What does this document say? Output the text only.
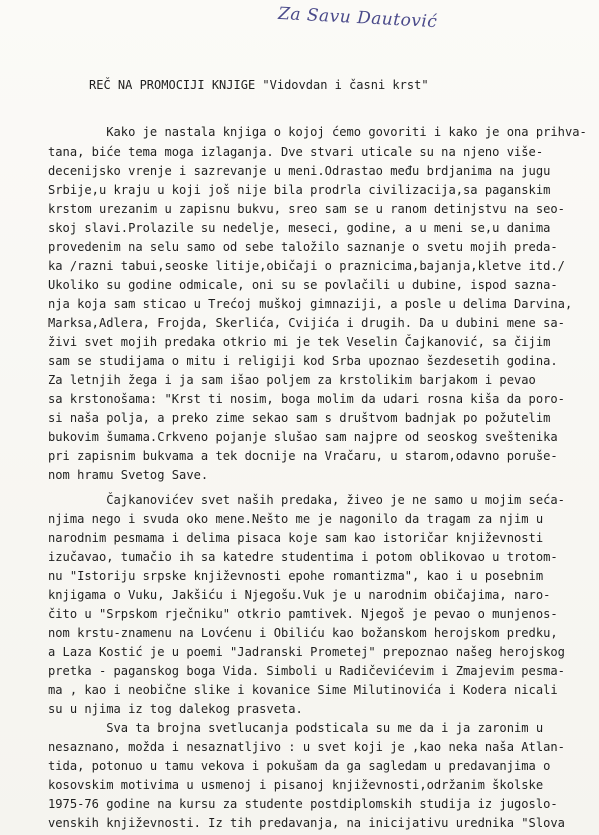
Za Savu Dautović
REČ NA PROMOCIJI KNJIGE "Vidovdan i časni krst"
Kako je nastala knjiga o kojoj ćemo govoriti i kako je ona prihva-
tana, biće tema moga izlaganja. Dve stvari uticale su na njeno više-
decenijsko vrenje i sazrevanje u meni.Odrastao među brdjanima na jugu
Srbije,u kraju u koji još nije bila prodrla civilizacija,sa paganskim
krstom urezanim u zapisnu bukvu, sreo sam se u ranom detinjstvu na seo-
skoj slavi.Prolazile su nedelje, meseci, godine, a u meni se,u danima
provedenim na selu samo od sebe taložilo saznanje o svetu mojih preda-
ka /razni tabui,seoske litije,običaji o praznicima,bajanja,kletve itd./
Ukoliko su godine odmicale, oni su se povlačili u dubine, ispod sazna-
nja koja sam sticao u Trećoj muškoj gimnaziji, a posle u delima Darvina,
Marksa,Adlera, Frojda, Skerlića, Cvijića i drugih. Da u dubini mene sa-
živi svet mojih predaka otkrio mi je tek Veselin Čajkanović, sa čijim
sam se studijama o mitu i religiji kod Srba upoznao šezdesetih godina.
Za letnjih žega i ja sam išao poljem za krstolikim barjakom i pevao
sa krstonošama: "Krst ti nosim, boga molim da udari rosna kiša da poro-
si naša polja, a preko zime sekao sam s društvom badnjak po požutelim
bukovim šumama.Crkveno pojanje slušao sam najpre od seoskog sveštenika
pri zapisnim bukvama a tek docnije na Vračaru, u starom,odavno poruše-
nom hramu Svetog Save.
Čajkanovićev svet naših predaka, živeo je ne samo u mojim seća-
njima nego i svuda oko mene.Nešto me je nagonilo da tragam za njim u
narodnim pesmama i delima pisaca koje sam kao istoričar književnosti
izučavao, tumačio ih sa katedre studentima i potom oblikovao u trotom-
nu "Istoriju srpske književnosti epohe romantizma", kao i u posebnim
knjigama o Vuku, Jakšiću i Njegošu.Vuk je u narodnim običajima, naro-
čito u "Srpskom rječniku" otkrio pamtivek. Njegoš je pevao o munjenos-
nom krstu-znamenu na Lovćenu i Obiliću kao božanskom herojskom predku,
a Laza Kostić je u poemi "Jadranski Prometej" prepoznao našeg herojskog
pretka - paganskog boga Vida. Simboli u Radičevićevim i Zmajevim pesma-
ma , kao i neobične slike i kovanice Sime Milutinovića i Kodera nicali
su u njima iz tog dalekog prasveta.
Sva ta brojna svetlucanja podsticala su me da i ja zaronim u
nesaznano, možda i nesaznatljivo : u svet koji je ,kao neka naša Atlan-
tida, potonuo u tamu vekova i pokušam da ga sagledam u predavanjima o
kosovskim motivima u usmenoj i pisanoj književnosti,održanim školske
1975-76 godine na kursu za studente postdiplomskih studija iz jugoslo-
venskih književnosti. Iz tih predavanja, na inicijativu urednika "Slova
